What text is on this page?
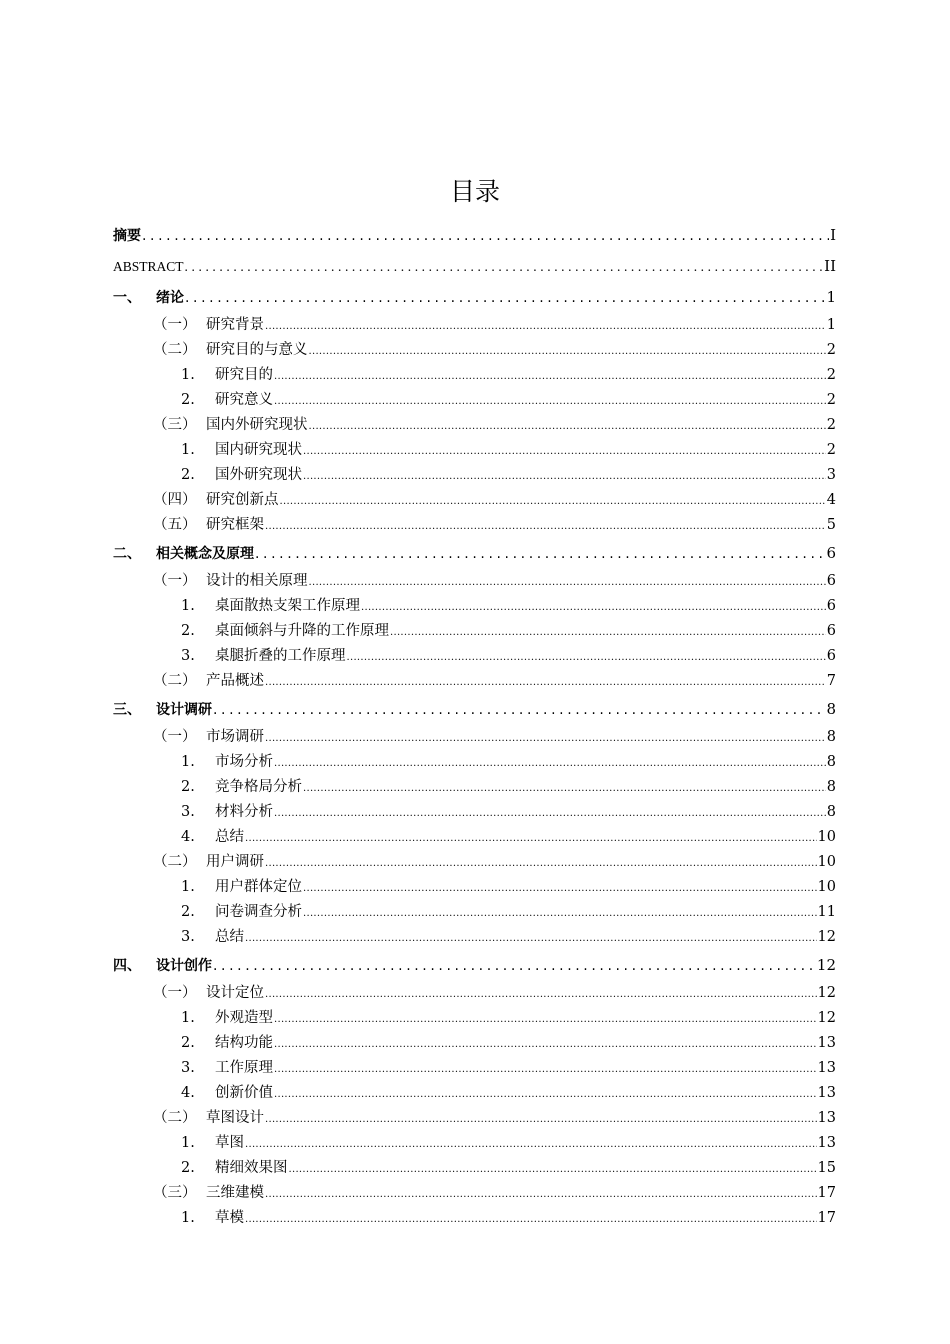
目录
摘要 .....	I
ABSTRACT .....	II
一、	绪论 .....	1
（一） 研究背景 .....	1
（二） 研究目的与意义 .....	2
1.	研究目的 .....	2
2.	研究意义 .....	2
（三） 国内外研究现状 .....	2
1.	国内研究现状 .....	2
2.	国外研究现状 .....	3
（四） 研究创新点 .....	4
（五） 研究框架 .....	5
二、	相关概念及原理 .....	6
（一） 设计的相关原理 .....	6
1.	桌面散热支架工作原理 .....	6
2.	桌面倾斜与升降的工作原理 .....	6
3.	桌腿折叠的工作原理 .....	6
（二） 产品概述 .....	7
三、	设计调研 .....	8
（一） 市场调研 .....	8
1.	市场分析 .....	8
2.	竞争格局分析 .....	8
3.	材料分析 .....	8
4.	总结 .....	10
（二） 用户调研 .....	10
1.	用户群体定位 .....	10
2.	问卷调查分析 .....	11
3.	总结 .....	12
四、	设计创作 .....	12
（一） 设计定位 .....	12
1.	外观造型 .....	12
2.	结构功能 .....	13
3.	工作原理 .....	13
4.	创新价值 .....	13
（二） 草图设计 .....	13
1.	草图 .....	13
2.	精细效果图 .....	15
（三） 三维建模 .....	17
1.	草模 .....	17
